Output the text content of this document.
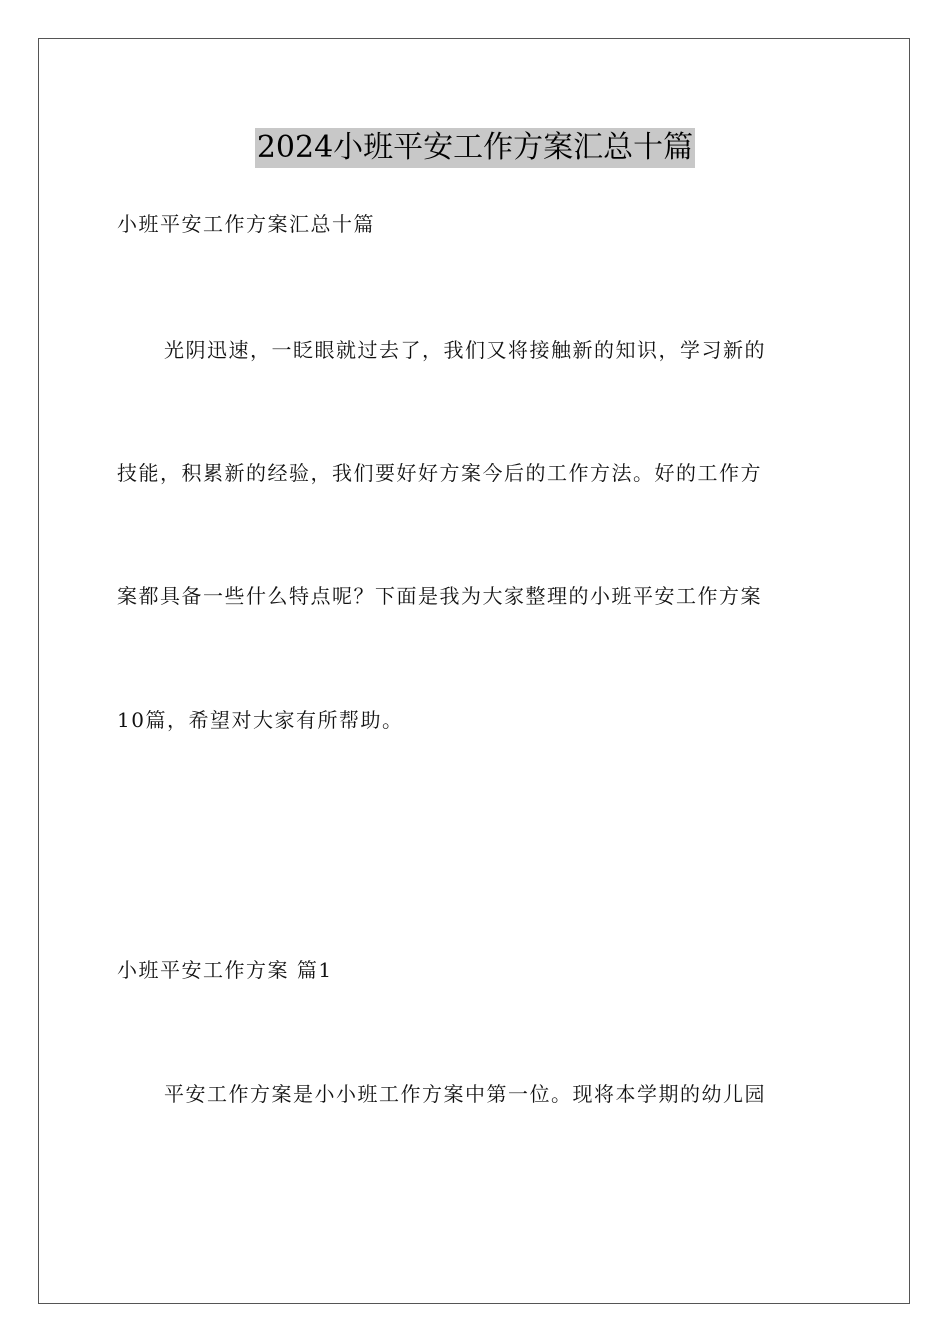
2024小班平安工作方案汇总十篇
小班平安工作方案汇总十篇
光阴迅速，一眨眼就过去了，我们又将接触新的知识，学习新的
技能，积累新的经验，我们要好好方案今后的工作方法。好的工作方
案都具备一些什么特点呢？下面是我为大家整理的小班平安工作方案
10篇，希望对大家有所帮助。
小班平安工作方案 篇1
平安工作方案是小小班工作方案中第一位。现将本学期的幼儿园
